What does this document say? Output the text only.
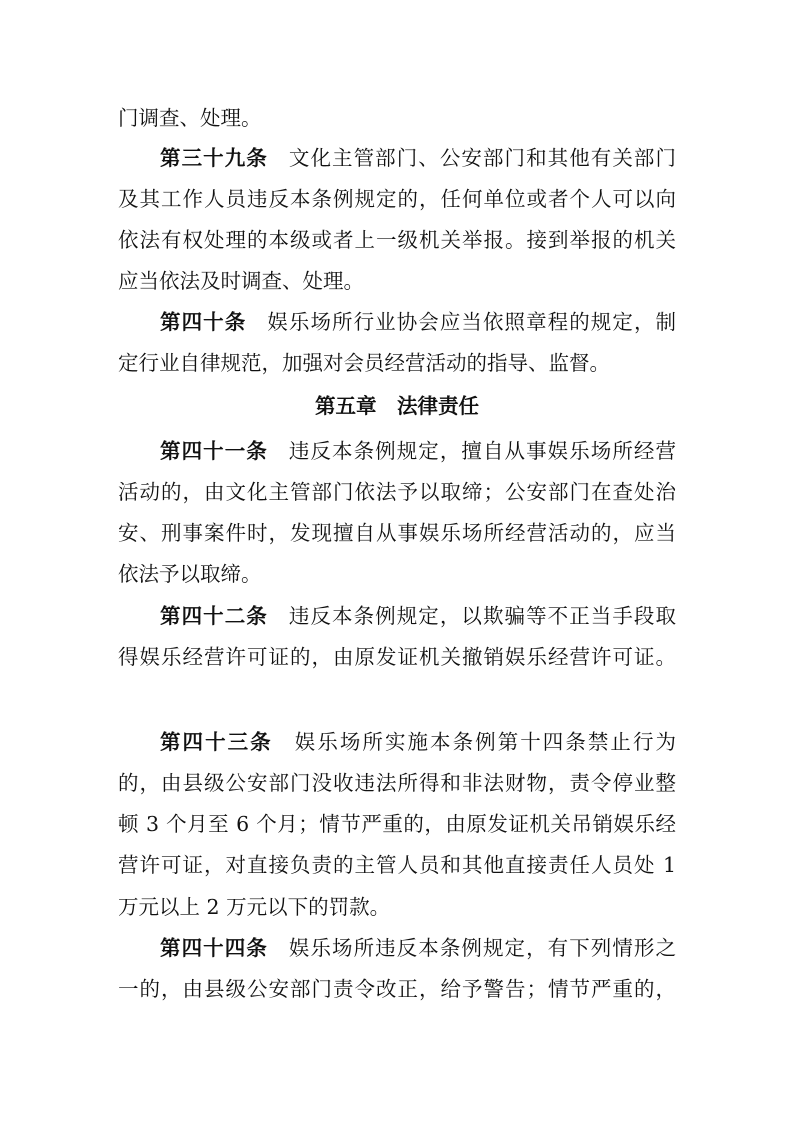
门调查、处理。
第三十九条 文化主管部门、公安部门和其他有关部门
及其工作人员违反本条例规定的，任何单位或者个人可以向
依法有权处理的本级或者上一级机关举报。接到举报的机关
应当依法及时调查、处理。
第四十条 娱乐场所行业协会应当依照章程的规定，制
定行业自律规范，加强对会员经营活动的指导、监督。
第五章　法律责任
第四十一条 违反本条例规定，擅自从事娱乐场所经营
活动的，由文化主管部门依法予以取缔；公安部门在查处治
安、刑事案件时，发现擅自从事娱乐场所经营活动的，应当
依法予以取缔。
第四十二条 违反本条例规定，以欺骗等不正当手段取
得娱乐经营许可证的，由原发证机关撤销娱乐经营许可证。
第四十三条 娱乐场所实施本条例第十四条禁止行为
的，由县级公安部门没收违法所得和非法财物，责令停业整
顿 3 个月至 6 个月；情节严重的，由原发证机关吊销娱乐经
营许可证，对直接负责的主管人员和其他直接责任人员处 1
万元以上 2 万元以下的罚款。
第四十四条 娱乐场所违反本条例规定，有下列情形之
一的，由县级公安部门责令改正，给予警告；情节严重的，
